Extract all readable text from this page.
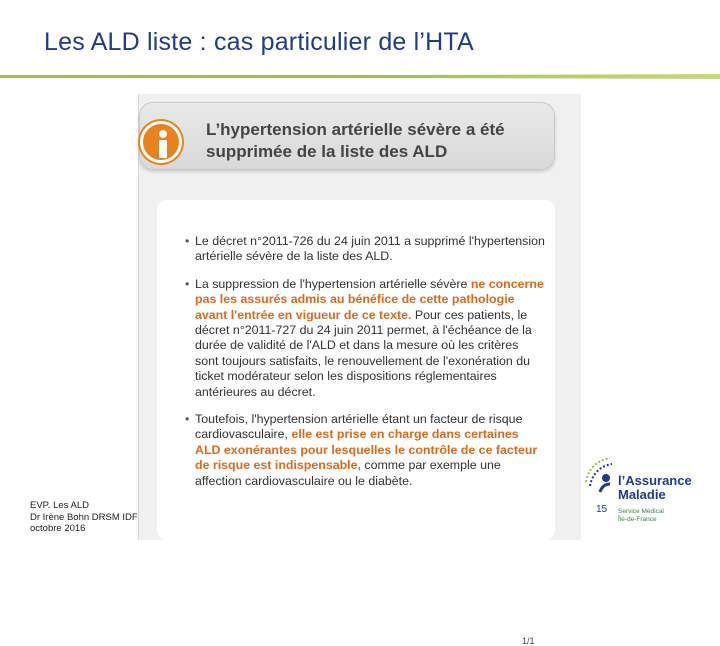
Les ALD liste : cas particulier de l’HTA
L’hypertension artérielle sévère a été supprimée de la liste des ALD
• Le décret n°2011-726 du 24 juin 2011 a supprimé l'hypertension artérielle sévère de la liste des ALD.
• La suppression de l'hypertension artérielle sévère ne concerne pas les assurés admis au bénéfice de cette pathologie avant l'entrée en vigueur de ce texte. Pour ces patients, le décret n°2011-727 du 24 juin 2011 permet, à l'échéance de la durée de validité de l'ALD et dans la mesure où les critères sont toujours satisfaits, le renouvellement de l'exonération du ticket modérateur selon les dispositions réglementaires antérieures au décret.
• Toutefois, l'hypertension artérielle étant un facteur de risque cardiovasculaire, elle est prise en charge dans certaines ALD exonérantes pour lesquelles le contrôle de ce facteur de risque est indispensable, comme par exemple une affection cardiovasculaire ou le diabète.
1/1
EVP. Les ALD
Dr Irène Bohn DRSM IDF
octobre 2016
15
l’Assurance
Maladie
Service Médical
Île-de-France
